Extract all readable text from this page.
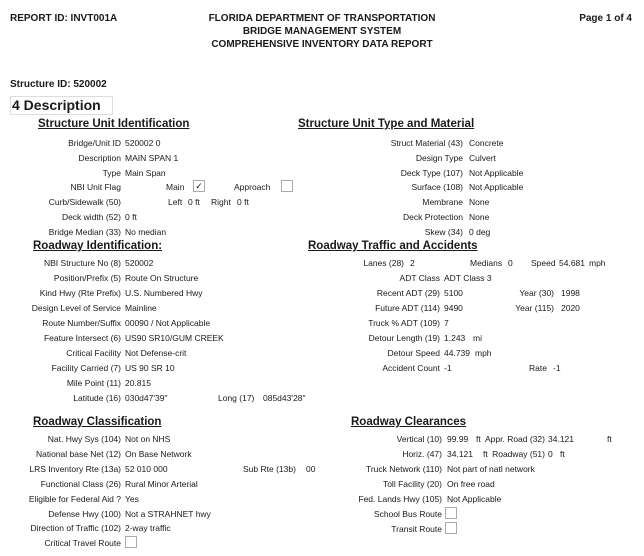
REPORT ID: INVT001A	FLORIDA DEPARTMENT OF TRANSPORTATION
BRIDGE MANAGEMENT SYSTEM
COMPREHENSIVE INVENTORY DATA REPORT
Page 1 of 4
Structure ID: 520002
4 Description
Structure Unit Identification
Bridge/Unit ID 520002 0
Description MAIN SPAN 1
Type Main Span
NBI Unit Flag	Main ✓	Approach
Curb/Sidewalk (50)	Left 0 ft Right 0 ft
Deck width (52) 0 ft
Bridge Median (33) No median
Structure Unit Type and Material
Struct Material (43) Concrete
Design Type Culvert
Deck Type (107) Not Applicable
Surface (108) Not Applicable
Membrane None
Deck Protection None
Skew (34) 0 deg
Roadway Identification:
NBI Structure No (8) 520002
Position/Prefix (5) Route On Structure
Kind Hwy (Rte Prefix) U.S. Numbered Hwy
Design Level of Service Mainline
Route Number/Suffix 00090 / Not Applicable
Feature Intersect (6) US90 SR10/GUM CREEK
Critical Facility Not Defense-crit
Facility Carried (7) US 90 SR 10
Mile Point (11) 20.815
Latitude (16) 030d47'39"	Long (17) 085d43'28"
Roadway Traffic and Accidents
Lanes (28) 2	Medians 0 Speed 54.681 mph
ADT Class ADT Class 3
Recent ADT (29) 5100	Year (30) 1998
Future ADT (114) 9490	Year (115) 2020
Truck % ADT (109) 7
Detour Length (19) 1.243 mi
Detour Speed 44.739 mph
Accident Count -1	Rate -1
Roadway Classification
Nat. Hwy Sys (104) Not on NHS
National base Net (12) On Base Network
LRS Inventory Rte (13a) 52 010 000	Sub Rte (13b) 00
Functional Class (26) Rural Minor Arterial
Eligible for Federal Aid ? Yes
Defense Hwy (100) Not a STRAHNET hwy
Direction of Traffic (102) 2-way traffic
Critical Travel Route
Roadway Clearances
Vertical (10) 99.99 ft Appr. Road (32) 34.121	ft
Horiz. (47) 34.121 ft Roadway (51) 0 ft
Truck Network (110) Not part of natl network
Toll Facility (20) On free road
Fed. Lands Hwy (105) Not Applicable
School Bus Route
Transit Route
